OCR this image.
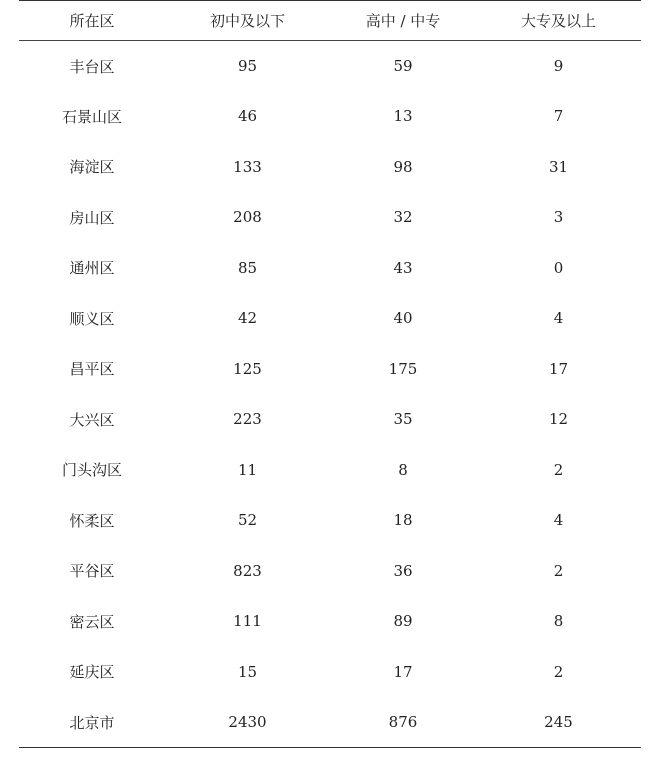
所在区	初中及以下	高中 / 中专	大专及以上
丰台区	95	59	9
石景山区	46	13	7
海淀区	133	98	31
房山区	208	32	3
通州区	85	43	0
顺义区	42	40	4
昌平区	125	175	17
大兴区	223	35	12
门头沟区	11	8	2
怀柔区	52	18	4
平谷区	823	36	2
密云区	111	89	8
延庆区	15	17	2
北京市	2430	876	245
